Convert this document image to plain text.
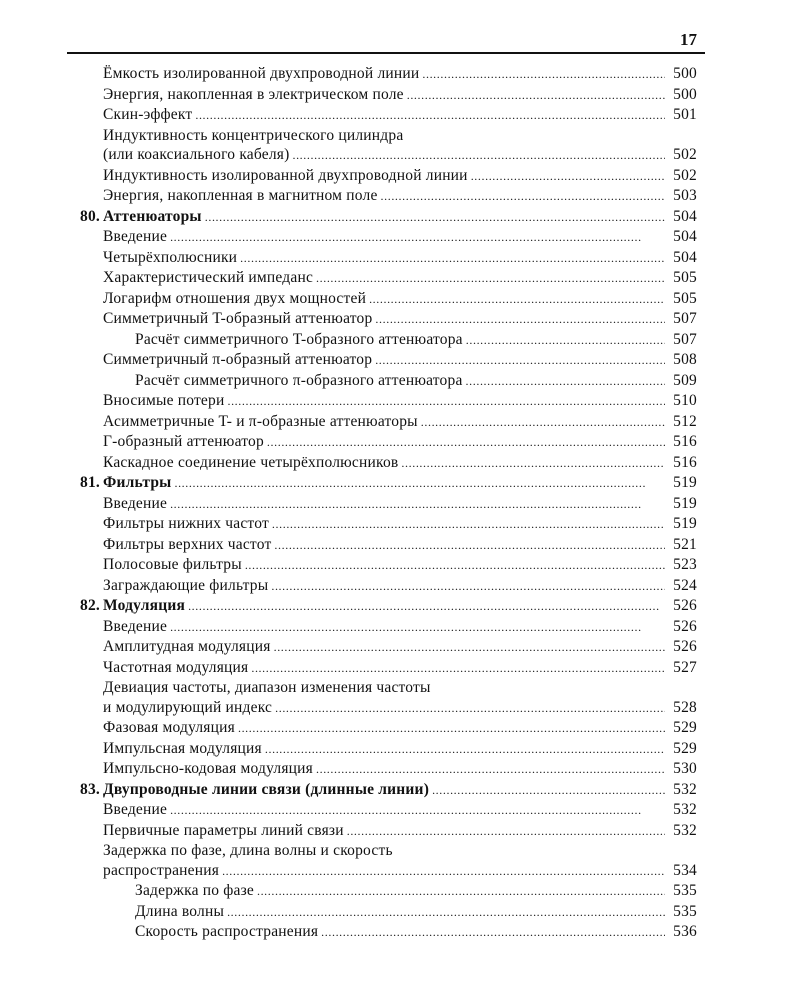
17
Ёмкость изолированной двухпроводной линии . . .	500
Энергия, накопленная в электрическом поле . . .	500
Скин-эффект . . .	501
Индуктивность концентрического цилиндра
(или коаксиального кабеля) . . .	502
Индуктивность изолированной двухпроводной линии . . .	502
Энергия, накопленная в магнитном поле . . .	503
80. Аттенюаторы . . .	504
Введение . . .	504
Четырёхполюсники . . .	504
Характеристический импеданс . . .	505
Логарифм отношения двух мощностей . . .	505
Симметричный T-образный аттенюатор . . .	507
Расчёт симметричного T-образного аттенюатора . . .	507
Симметричный π-образный аттенюатор . . .	508
Расчёт симметричного π-образного аттенюатора . . .	509
Вносимые потери . . .	510
Асимметричные T- и π-образные аттенюаторы . . .	512
Г-образный аттенюатор . . .	516
Каскадное соединение четырёхполюсников . . .	516
81. Фильтры . . .	519
Введение . . .	519
Фильтры нижних частот . . .	519
Фильтры верхних частот . . .	521
Полосовые фильтры . . .	523
Заграждающие фильтры . . .	524
82. Модуляция . . .	526
Введение . . .	526
Амплитудная модуляция . . .	526
Частотная модуляция . . .	527
Девиация частоты, диапазон изменения частоты
и модулирующий индекс . . .	528
Фазовая модуляция . . .	529
Импульсная модуляция . . .	529
Импульсно-кодовая модуляция . . .	530
83. Двупроводные линии связи (длинные линии) . . .	532
Введение . . .	532
Первичные параметры линий связи . . .	532
Задержка по фазе, длина волны и скорость
распространения . . .	534
Задержка по фазе . . .	535
Длина волны . . .	535
Скорость распространения . . .	536
